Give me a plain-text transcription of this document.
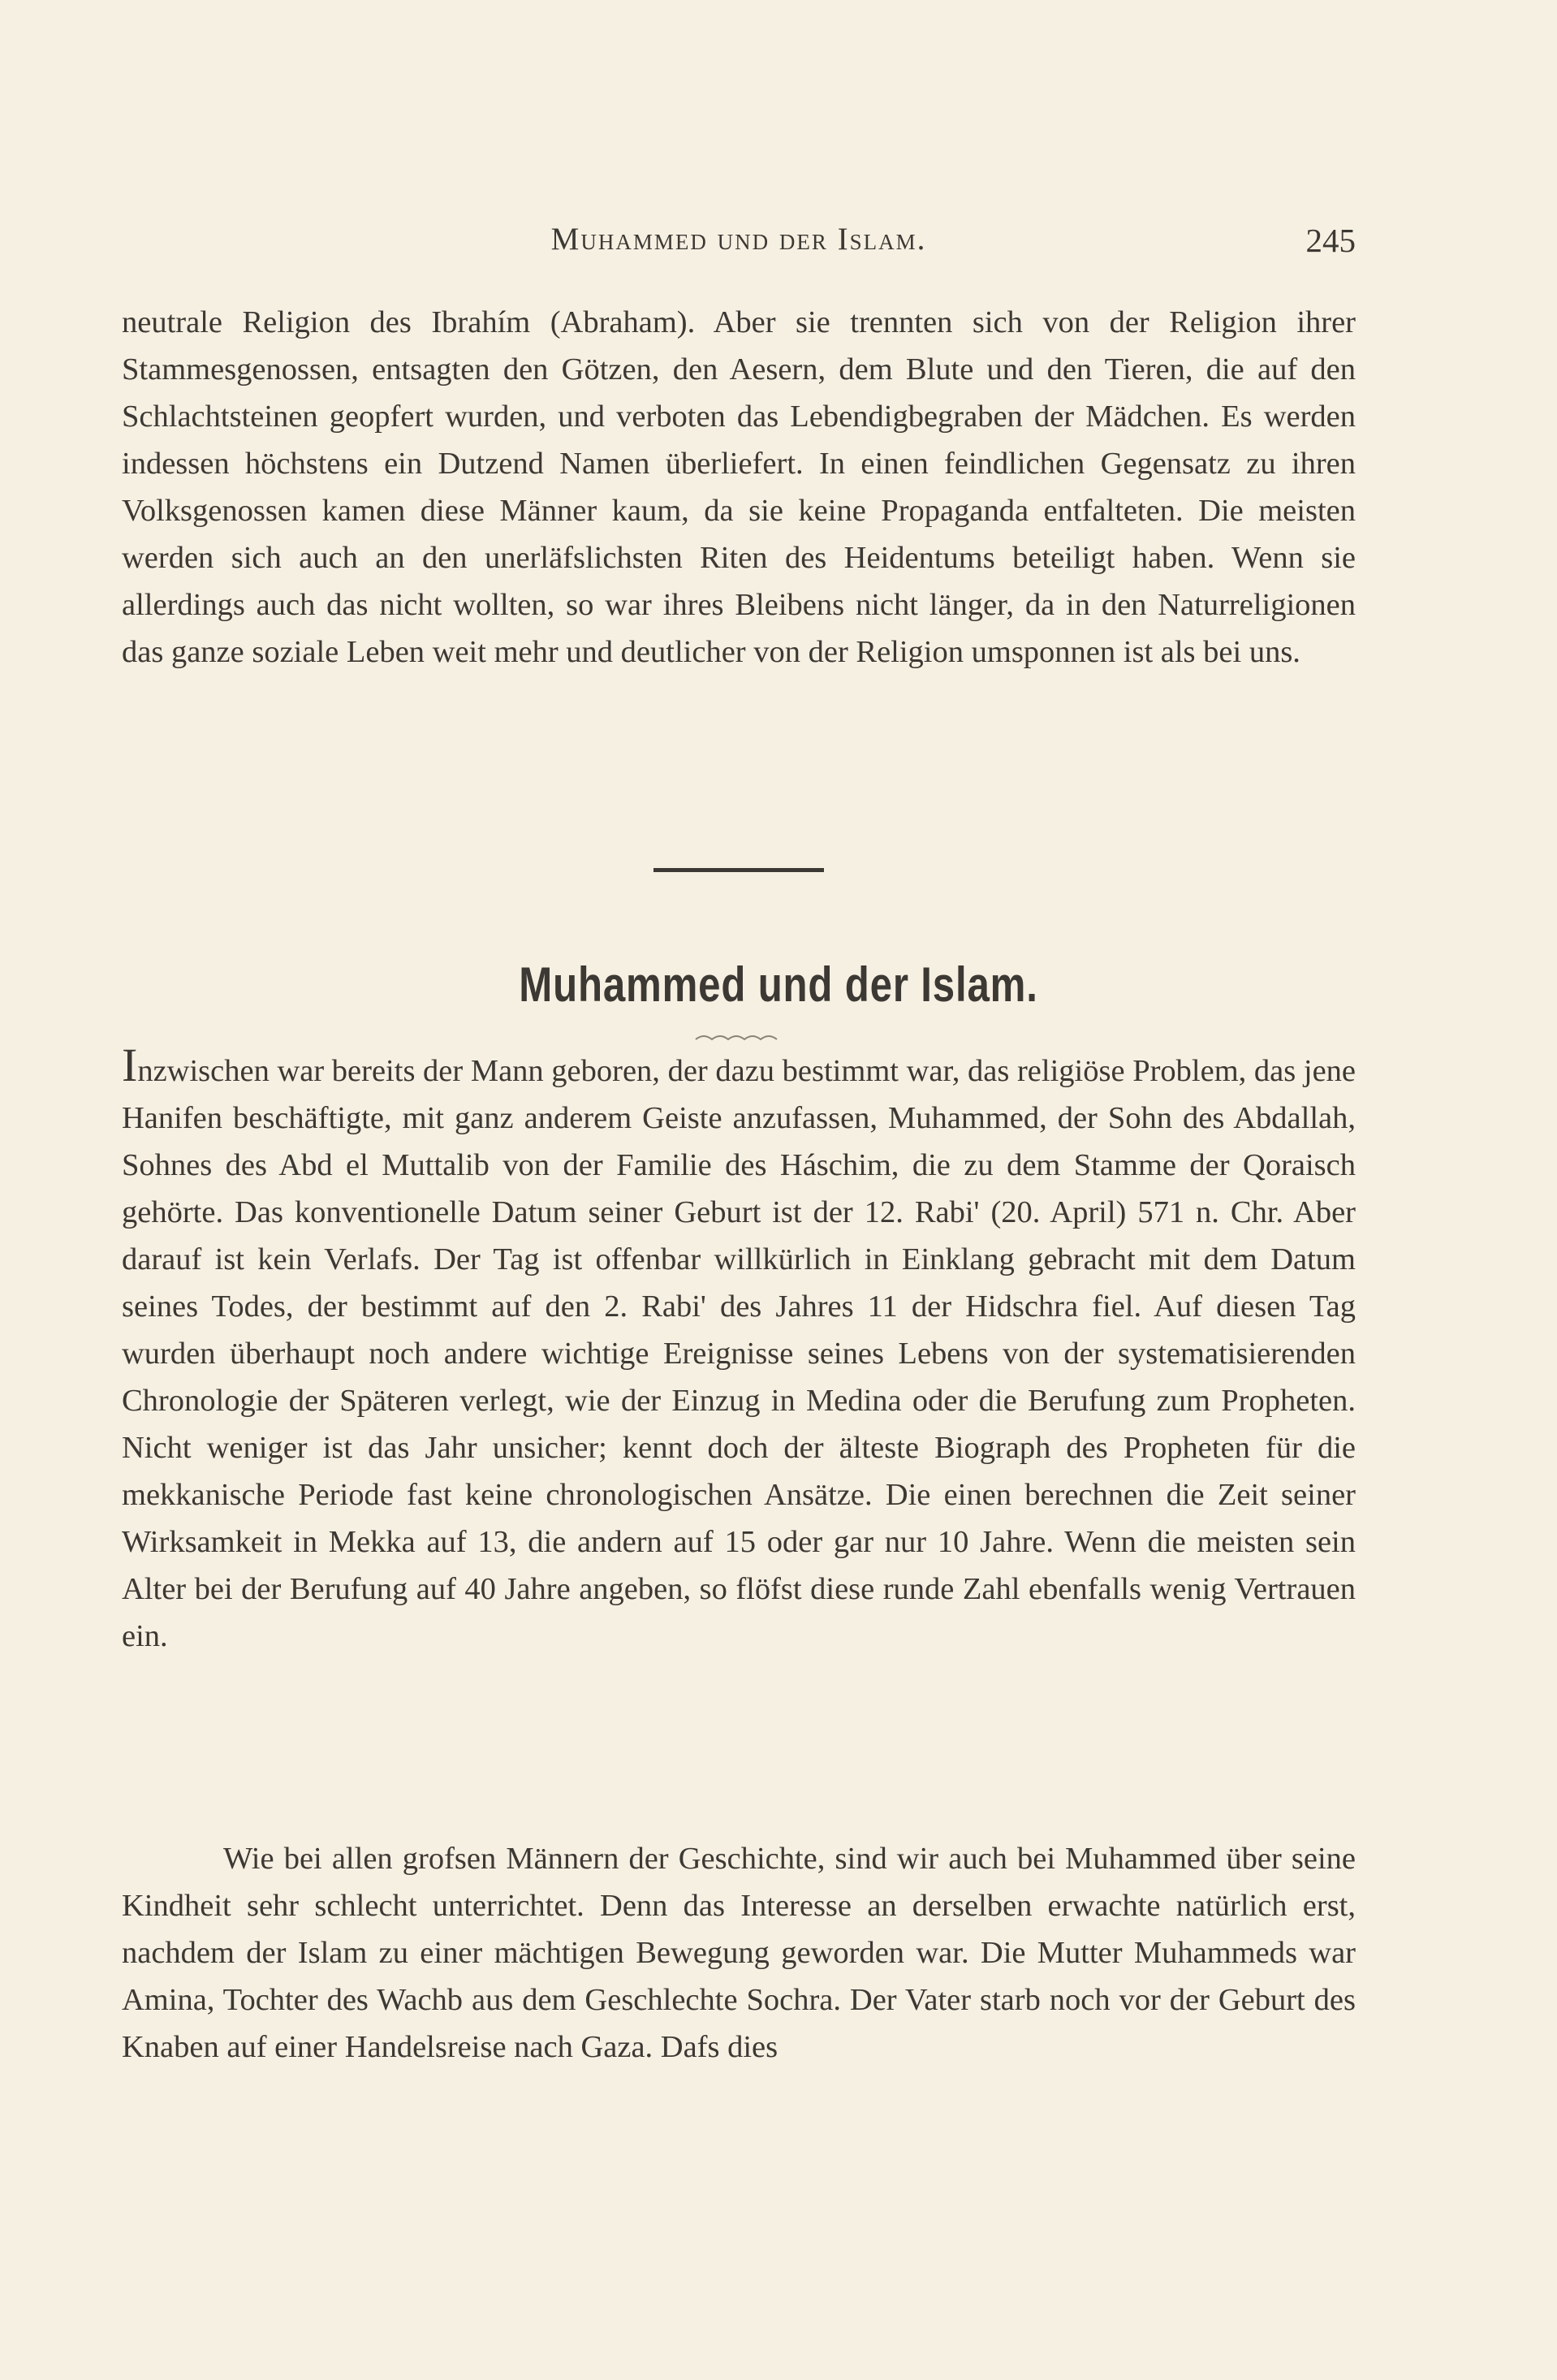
Muhammed und der Islam.	245

neutrale Religion des Ibrahím (Abraham). Aber sie trennten sich von der Religion ihrer Stammesgenossen, entsagten den Götzen, den Aesern, dem Blute und den Tieren, die auf den Schlachtsteinen geopfert wurden, und verboten das Lebendigbegraben der Mädchen. Es werden indessen höchstens ein Dutzend Namen überliefert. In einen feindlichen Gegensatz zu ihren Volksgenossen kamen diese Männer kaum, da sie keine Propaganda entfalteten. Die meisten werden sich auch an den unerläfslichsten Riten des Heidentums beteiligt haben. Wenn sie allerdings auch das nicht wollten, so war ihres Bleibens nicht länger, da in den Naturreligionen das ganze soziale Leben weit mehr und deutlicher von der Religion umsponnen ist als bei uns.

Muhammed und der Islam.

Inzwischen war bereits der Mann geboren, der dazu bestimmt war, das religiöse Problem, das jene Hanifen beschäftigte, mit ganz anderem Geiste anzufassen, Muhammed, der Sohn des Abdallah, Sohnes des Abd el Muttalib von der Familie des Háschim, die zu dem Stamme der Qoraisch gehörte. Das konventionelle Datum seiner Geburt ist der 12. Rabi' (20. April) 571 n. Chr. Aber darauf ist kein Verlafs. Der Tag ist offenbar willkürlich in Einklang gebracht mit dem Datum seines Todes, der bestimmt auf den 2. Rabi' des Jahres 11 der Hidschra fiel. Auf diesen Tag wurden überhaupt noch andere wichtige Ereignisse seines Lebens von der systematisierenden Chronologie der Späteren verlegt, wie der Einzug in Medina oder die Berufung zum Propheten. Nicht weniger ist das Jahr unsicher; kennt doch der älteste Biograph des Propheten für die mekkanische Periode fast keine chronologischen Ansätze. Die einen berechnen die Zeit seiner Wirksamkeit in Mekka auf 13, die andern auf 15 oder gar nur 10 Jahre. Wenn die meisten sein Alter bei der Berufung auf 40 Jahre angeben, so flöfst diese runde Zahl ebenfalls wenig Vertrauen ein.

Wie bei allen grofsen Männern der Geschichte, sind wir auch bei Muhammed über seine Kindheit sehr schlecht unterrichtet. Denn das Interesse an derselben erwachte natürlich erst, nachdem der Islam zu einer mächtigen Bewegung geworden war. Die Mutter Muhammeds war Amina, Tochter des Wachb aus dem Geschlechte Sochra. Der Vater starb noch vor der Geburt des Knaben auf einer Handelsreise nach Gaza. Dafs dies
